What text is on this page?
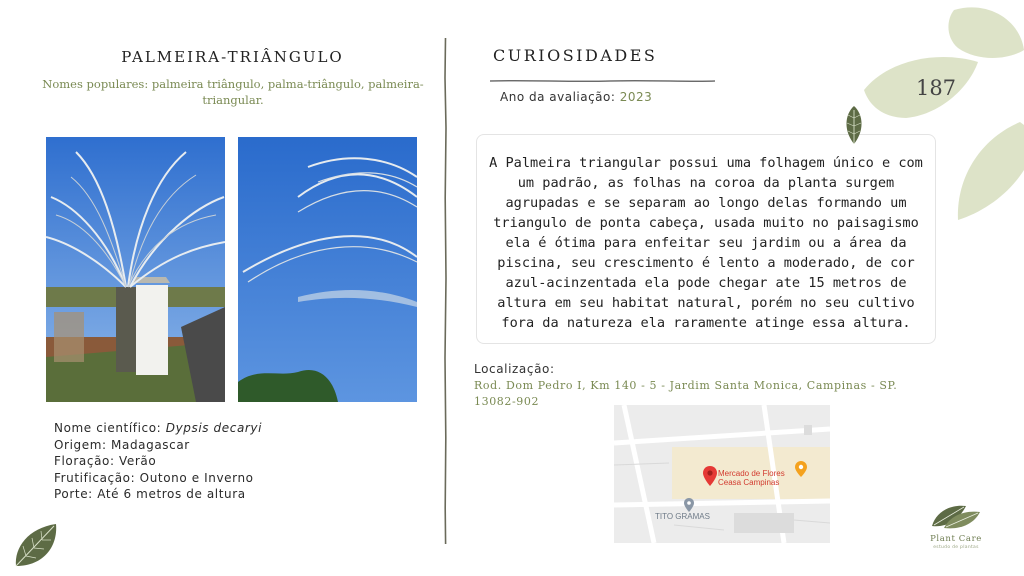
PALMEIRA-TRIÂNGULO
Nomes populares: palmeira triângulo, palma-triângulo, palmeira-triangular.
Nome científico: Dypsis decaryi
Origem: Madagascar
Floração: Verão
Frutificação: Outono e Inverno
Porte: Até 6 metros de altura
CURIOSIDADES
Ano da avaliação: 2023
A Palmeira triangular possui uma folhagem único e com um padrão, as folhas na coroa da planta surgem agrupadas e se separam ao longo delas formando um triangulo de ponta cabeça, usada muito no paisagismo ela é ótima para enfeitar seu jardim ou a área da piscina, seu crescimento é lento a moderado, de cor azul-acinzentada ela pode chegar ate 15 metros de altura em seu habitat natural, porém no seu cultivo fora da natureza ela raramente atinge essa altura.
Localização:
Rod. Dom Pedro I, Km 140 - 5 - Jardim Santa Monica, Campinas - SP.
13082-902
Mercado de Flores
Ceasa Campinas
TITO GRAMAS
187
Plant Care
estudo de plantas
